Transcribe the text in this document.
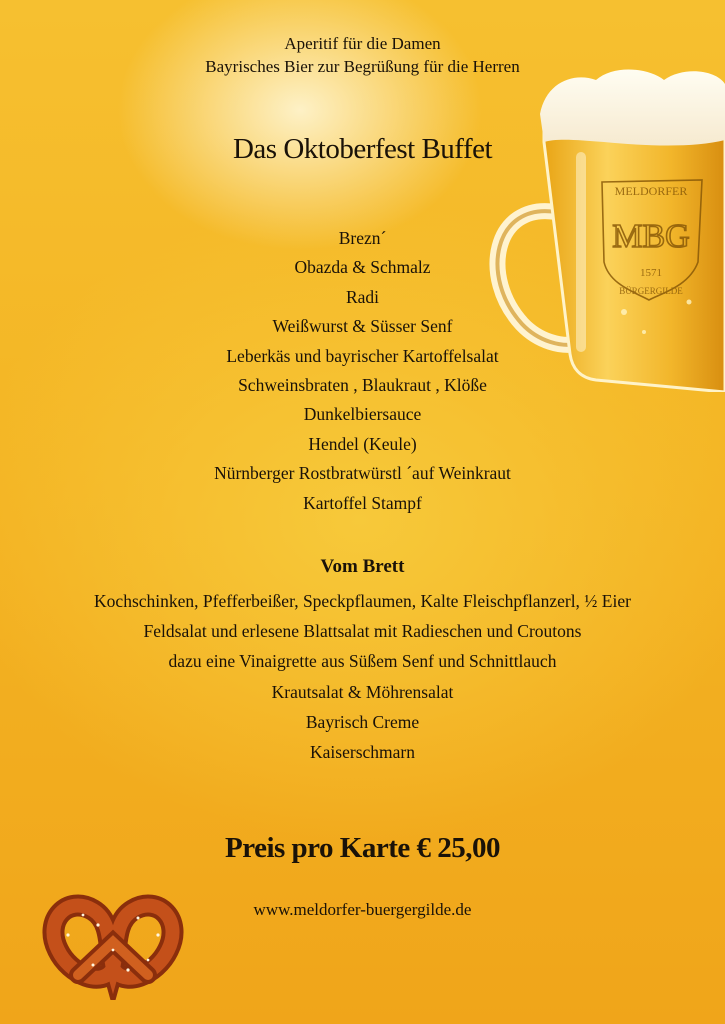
Aperitif für die Damen
Bayrisches Bier zur Begrüßung für die Herren
Das Oktoberfest Buffet
MELDORFER
MBG
1571
BÜRGERGILDE
Brezn´
Obazda & Schmalz
Radi
Weißwurst & Süsser Senf
Leberkäs und bayrischer Kartoffelsalat
Schweinsbraten , Blaukraut , Klöße
Dunkelbiersauce
Hendel (Keule)
Nürnberger Rostbratwürstl ´auf Weinkraut
Kartoffel Stampf
Vom Brett
Kochschinken, Pfefferbeißer, Speckpflaumen, Kalte Fleischpflanzerl, ½ Eier
Feldsalat und erlesene Blattsalat mit Radieschen und Croutons
dazu eine Vinaigrette aus Süßem Senf und Schnittlauch
Krautsalat & Möhrensalat
Bayrisch Creme
Kaiserschmarn
Preis pro Karte € 25,00
www.meldorfer-buergergilde.de
